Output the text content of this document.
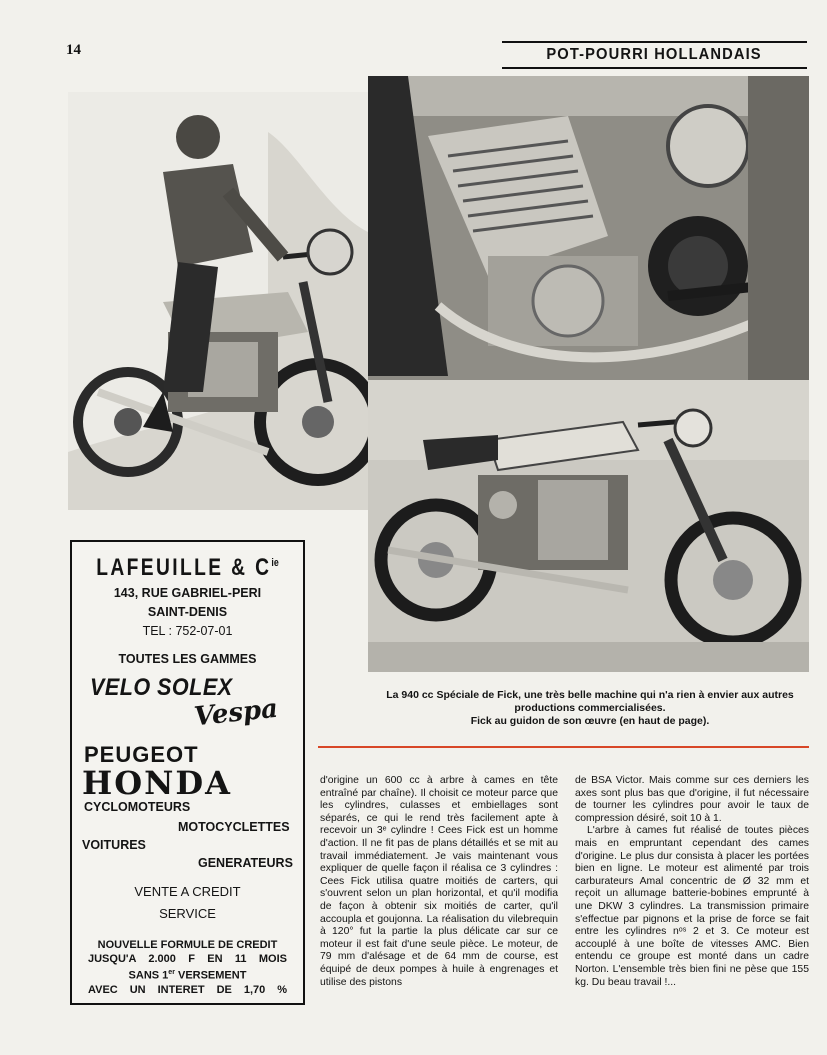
14	POT-POURRI HOLLANDAIS

La 940 cc Spéciale de Fick, une très belle machine qui n'a rien à envier aux autres productions commercialisées.

Fick au guidon de son œuvre (en haut de page).

d'origine un 600 cc à arbre à cames en tête entraîné par chaîne). Il choisit ce moteur parce que les cylindres, culasses et embiellages sont séparés, ce qui le rend très facilement apte à recevoir un 3ᵉ cylindre ! Cees Fick est un homme d'action. Il ne fit pas de plans détaillés et se mit au travail immédiatement. Je vais maintenant vous expliquer de quelle façon il réalisa ce 3 cylindres : Cees Fick utilisa quatre moitiés de carters, qui s'ouvrent selon un plan horizontal, et qu'il modifia de façon à obtenir six moitiés de carter, qu'il accoupla et goujonna. La réalisation du vilebrequin à 120° fut la partie la plus délicate car sur ce moteur il est fait d'une seule pièce. Le moteur, de 79 mm d'alésage et de 64 mm de course, est équipé de deux pompes à huile à engrenages et utilise des pistons

de BSA Victor. Mais comme sur ces derniers les axes sont plus bas que d'origine, il fut nécessaire de tourner les cylindres pour avoir le taux de compression désiré, soit 10 à 1.

L'arbre à cames fut réalisé de toutes pièces mais en empruntant cependant des cames d'origine. Le plus dur consista à placer les portées bien en ligne. Le moteur est alimenté par trois carburateurs Amal concentric de Ø 32 mm et reçoit un allumage batterie-bobines emprunté à une DKW 3 cylindres. La transmission primaire s'effectue par pignons et la prise de force se fait entre les cylindres nᵒˢ 2 et 3. Ce moteur est accouplé à une boîte de vitesses AMC. Bien entendu ce groupe est monté dans un cadre Norton. L'ensemble très bien fini ne pèse que 155 kg. Du beau travail !...

LAFEUILLE & $C^{ie}$
143, RUE GABRIEL-PERI
SAINT-DENIS
TEL : 752-07-01
TOUTES LES GAMMES
VELO SOLEX
Vespa
PEUGEOT
HONDA
CYCLOMOTEURS
MOTOCYCLETTES
VOITURES
GENERATEURS
VENTE A CREDIT
SERVICE
NOUVELLE FORMULE DE CREDIT
JUSQU'A 2.000 F EN 11 MOIS
SANS 1er VERSEMENT
AVEC UN INTERET DE 1,70 %
